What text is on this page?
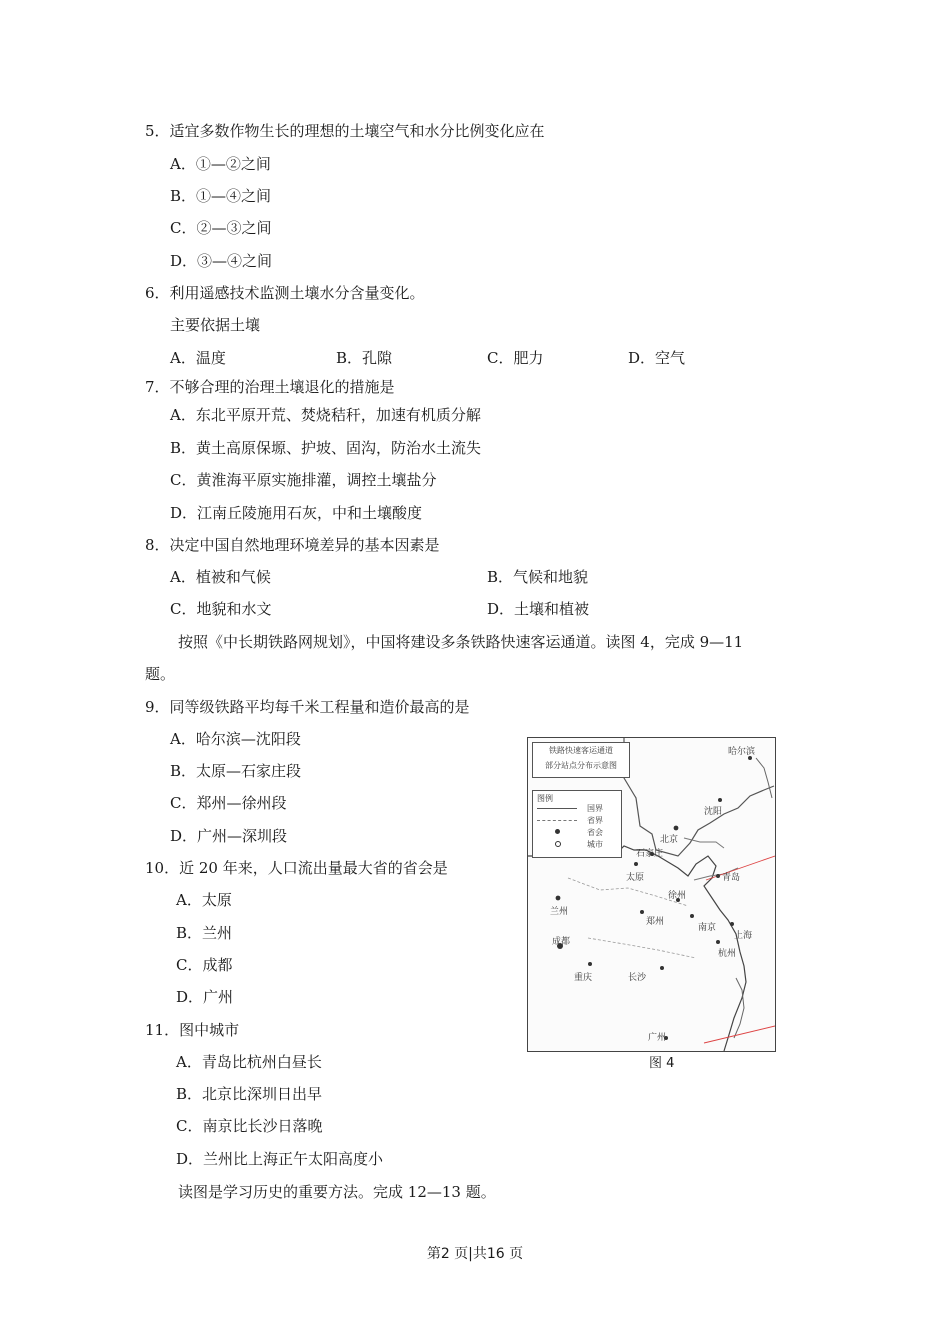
5．适宜多数作物生长的理想的土壤空气和水分比例变化应在
A．①—②之间
B．①—④之间
C．②—③之间
D．③—④之间
6．利用遥感技术监测土壤水分含量变化。
主要依据土壤
A．温度	B．孔隙	C．肥力	D．空气
7．不够合理的治理土壤退化的措施是
A．东北平原开荒、焚烧秸秆，加速有机质分解
B．黄土高原保塬、护坡、固沟，防治水土流失
C．黄淮海平原实施排灌，调控土壤盐分
D．江南丘陵施用石灰，中和土壤酸度
8．决定中国自然地理环境差异的基本因素是
A．植被和气候	B．气候和地貌
C．地貌和水文	D．土壤和植被
按照《中长期铁路网规划》，中国将建设多条铁路快速客运通道。读图 4，完成 9—11
题。
9．同等级铁路平均每千米工程量和造价最高的是
A．哈尔滨—沈阳段
B．太原—石家庄段
C．郑州—徐州段
D．广州—深圳段
10．近 20 年来，人口流出量最大省的省会是
A．太原
B．兰州
C．成都
D．广州
11．图中城市
A．青岛比杭州白昼长
B．北京比深圳日出早
C．南京比长沙日落晚
D．兰州比上海正午太阳高度小
读图是学习历史的重要方法。完成 12—13 题。
铁路快速客运通道
部分站点分布示意图
图例
国界
省界
省会
城市
哈尔滨
沈阳
北京
石家庄
太原	青岛
兰州
徐州
郑州
南京
上海
杭州
成都
重庆	长沙
广州
图 4
第2 页|共16 页
